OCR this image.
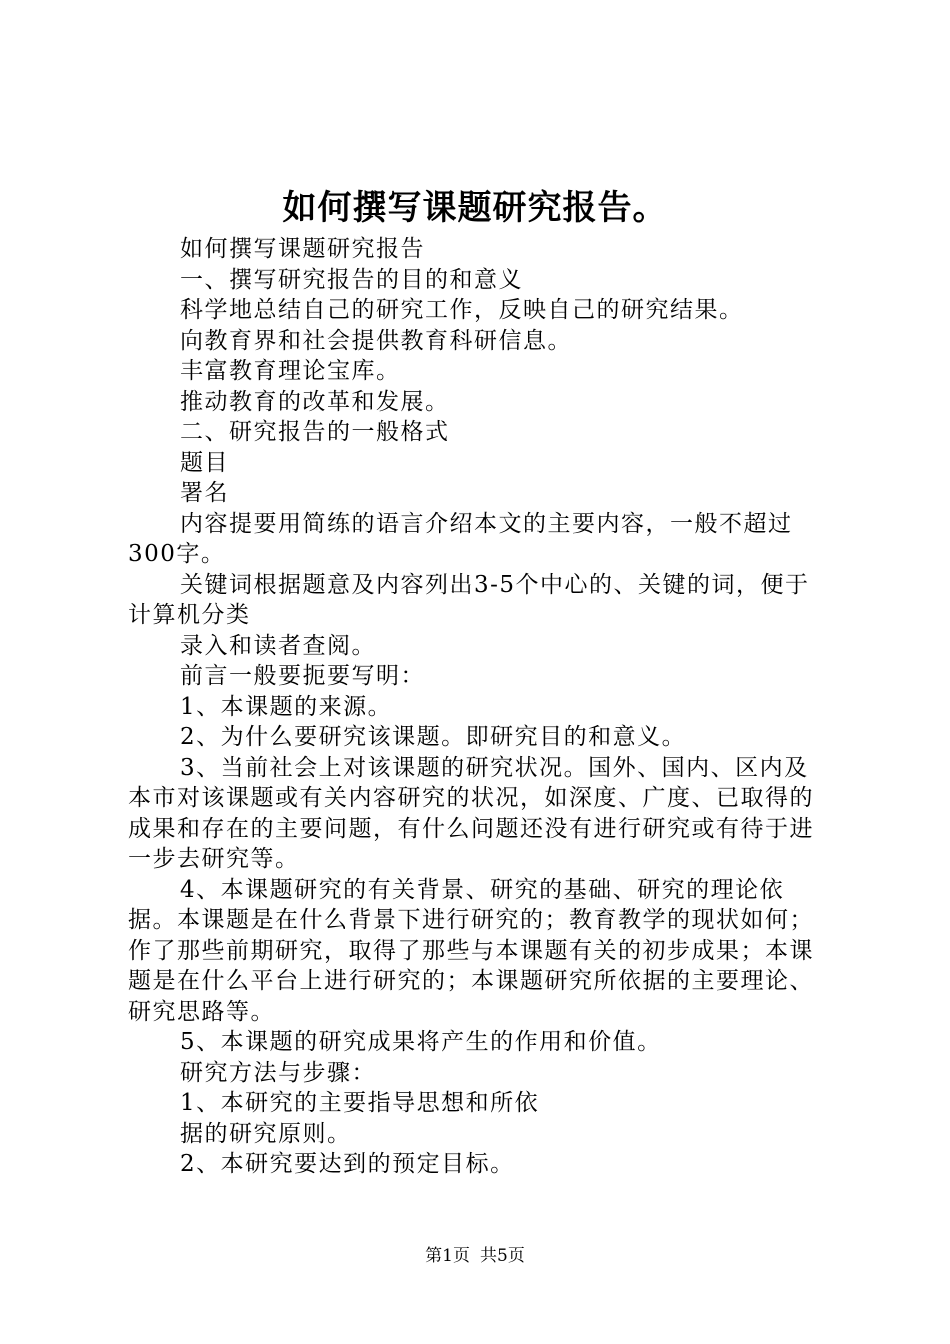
如何撰写课题研究报告。

如何撰写课题研究报告

一、撰写研究报告的目的和意义

科学地总结自己的研究工作，反映自己的研究结果。

向教育界和社会提供教育科研信息。

丰富教育理论宝库。

推动教育的改革和发展。

二、研究报告的一般格式

题目

署名

内容提要用简练的语言介绍本文的主要内容，一般不超过300字。

关键词根据题意及内容列出3-5个中心的、关键的词，便于计算机分类

录入和读者查阅。

前言一般要扼要写明：

1、本课题的来源。

2、为什么要研究该课题。即研究目的和意义。

3、当前社会上对该课题的研究状况。国外、国内、区内及本市对该课题或有关内容研究的状况，如深度、广度、已取得的成果和存在的主要问题，有什么问题还没有进行研究或有待于进一步去研究等。

4、本课题研究的有关背景、研究的基础、研究的理论依据。本课题是在什么背景下进行研究的；教育教学的现状如何；作了那些前期研究，取得了那些与本课题有关的初步成果；本课题是在什么平台上进行研究的；本课题研究所依据的主要理论、研究思路等。

5、本课题的研究成果将产生的作用和价值。

研究方法与步骤：

1、本研究的主要指导思想和所依

据的研究原则。

2、本研究要达到的预定目标。

第1页 共5页
